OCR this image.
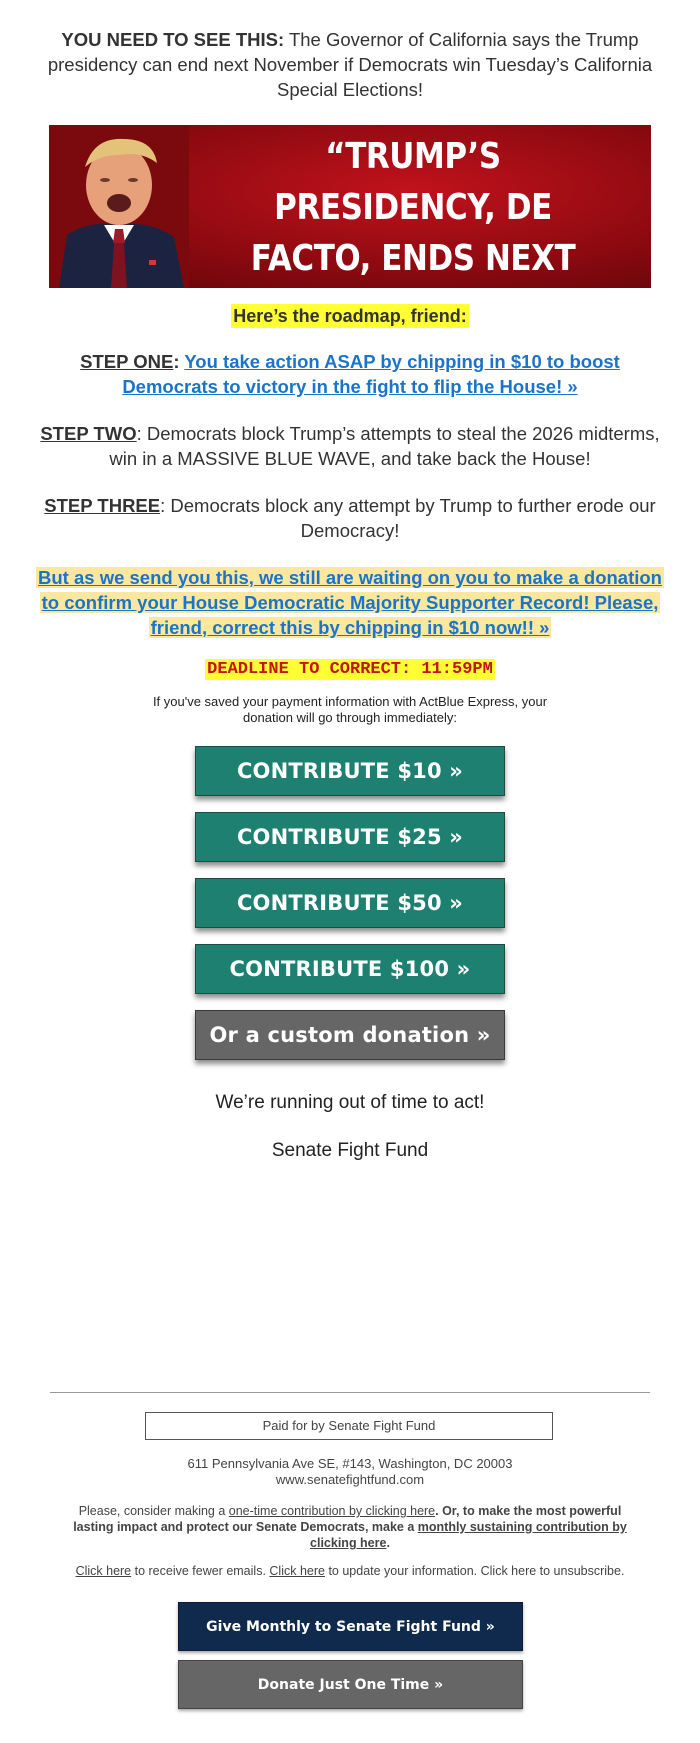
YOU NEED TO SEE THIS: The Governor of California says the Trump presidency can end next November if Democrats win Tuesday’s California Special Elections!
“TRUMP’S PRESIDENCY, DE
FACTO, ENDS NEXT
Here’s the roadmap, friend:
STEP ONE: You take action ASAP by chipping in $10 to boost Democrats to victory in the fight to flip the House! »
STEP TWO: Democrats block Trump’s attempts to steal the 2026 midterms, win in a MASSIVE BLUE WAVE, and take back the House!
STEP THREE: Democrats block any attempt by Trump to further erode our Democracy!
But as we send you this, we still are waiting on you to make a donation to confirm your House Democratic Majority Supporter Record! Please, friend, correct this by chipping in $10 now!! »
DEADLINE TO CORRECT: 11:59PM
If you've saved your payment information with ActBlue Express, your donation will go through immediately:
CONTRIBUTE $10 »
CONTRIBUTE $25 »
CONTRIBUTE $50 »
CONTRIBUTE $100 »
Or a custom donation »
We’re running out of time to act!
Senate Fight Fund
Paid for by Senate Fight Fund
611 Pennsylvania Ave SE, #143, Washington, DC 20003
www.senatefightfund.com
Please, consider making a one-time contribution by clicking here. Or, to make the most powerful lasting impact and protect our Senate Democrats, make a monthly sustaining contribution by clicking here.
Click here to receive fewer emails. Click here to update your information. Click here to unsubscribe.
Give Monthly to Senate Fight Fund »
Donate Just One Time »
